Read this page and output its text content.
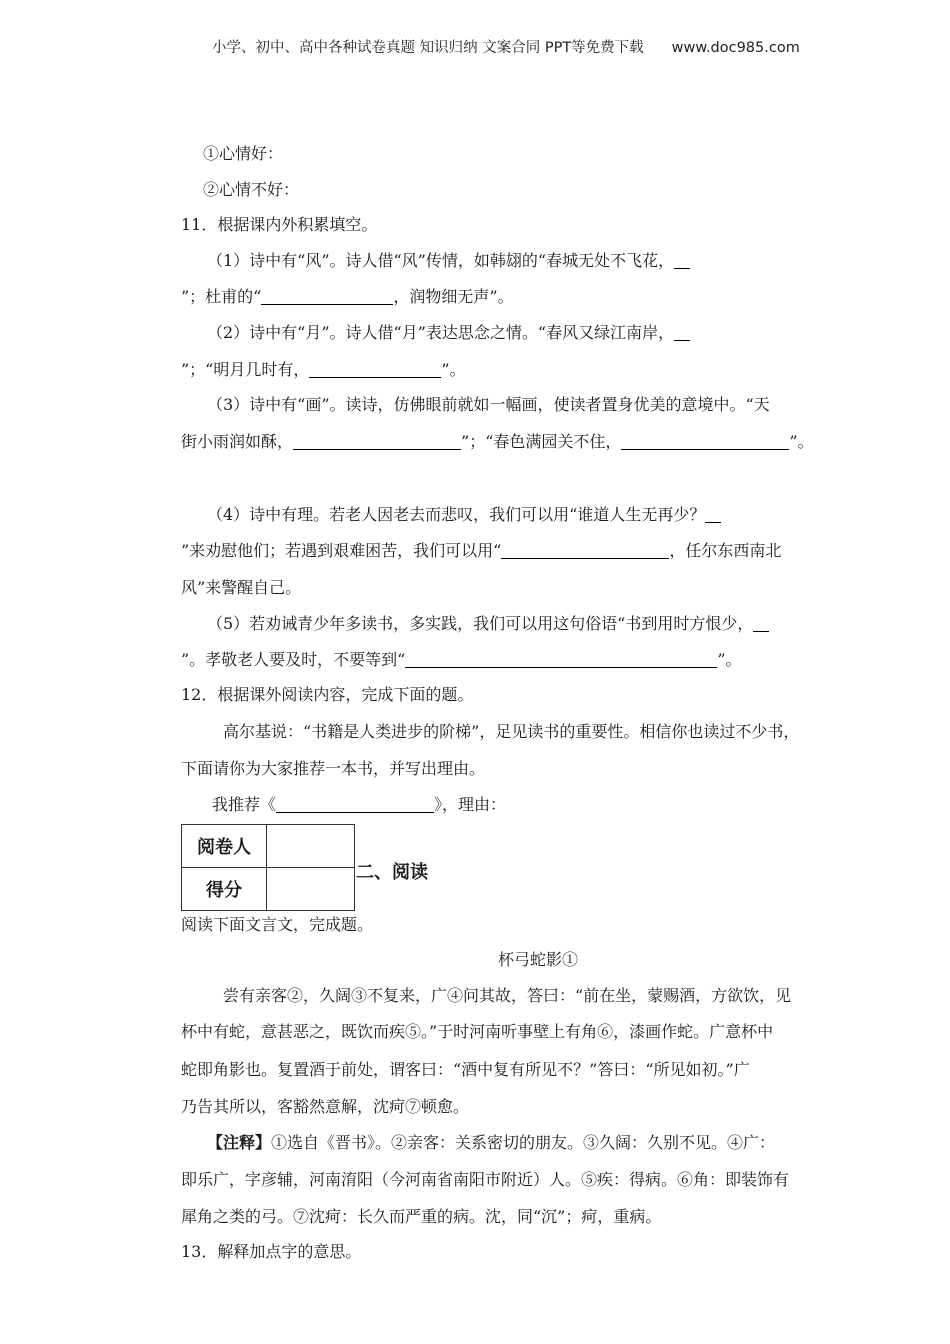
小学、初中、高中各种试卷真题 知识归纳 文案合同 PPT等免费下载 www.doc985.com
①心情好：
②心情不好：
11．根据课内外积累填空。
（1）诗中有“风”。诗人借“风”传情，如韩翃的“春城无处不飞花，
”；杜甫的“	，润物细无声”。
（2）诗中有“月”。诗人借“月”表达思念之情。“春风又绿江南岸，
”；“明月几时有，	”。
（3）诗中有“画”。读诗，仿佛眼前就如一幅画，使读者置身优美的意境中。“天
街小雨润如酥，	”；“春色满园关不住，	”。
（4）诗中有理。若老人因老去而悲叹，我们可以用“谁道人生无再少？
”来劝慰他们；若遇到艰难困苦，我们可以用“	，任尔东西南北
风”来警醒自己。
（5）若劝诫青少年多读书，多实践，我们可以用这句俗语“书到用时方恨少，
”。孝敬老人要及时，不要等到“	”。
12．根据课外阅读内容，完成下面的题。
高尔基说：“书籍是人类进步的阶梯”，足见读书的重要性。相信你也读过不少书，
下面请你为大家推荐一本书，并写出理由。
我推荐《	》，理由：
阅卷人	
得分	
二、阅读
阅读下面文言文，完成题。
杯弓蛇影①
尝有亲客②，久阔③不复来，广④问其故，答曰：“前在坐，蒙赐酒，方欲饮，见
杯中有蛇，意甚恶之，既饮而疾⑤。”于时河南听事壁上有角⑥，漆画作蛇。广意杯中
蛇即角影也。复置酒于前处，谓客曰：“酒中复有所见不？”答曰：“所见如初。”广
乃告其所以，客豁然意解，沈疴⑦顿愈。
【注释】①选自《晋书》。②亲客：关系密切的朋友。③久阔：久别不见。④广：
即乐广，字彦辅，河南淯阳（今河南省南阳市附近）人。⑤疾：得病。⑥角：即装饰有
犀角之类的弓。⑦沈疴：长久而严重的病。沈，同“沉”；疴，重病。
13．解释加点字的意思。
